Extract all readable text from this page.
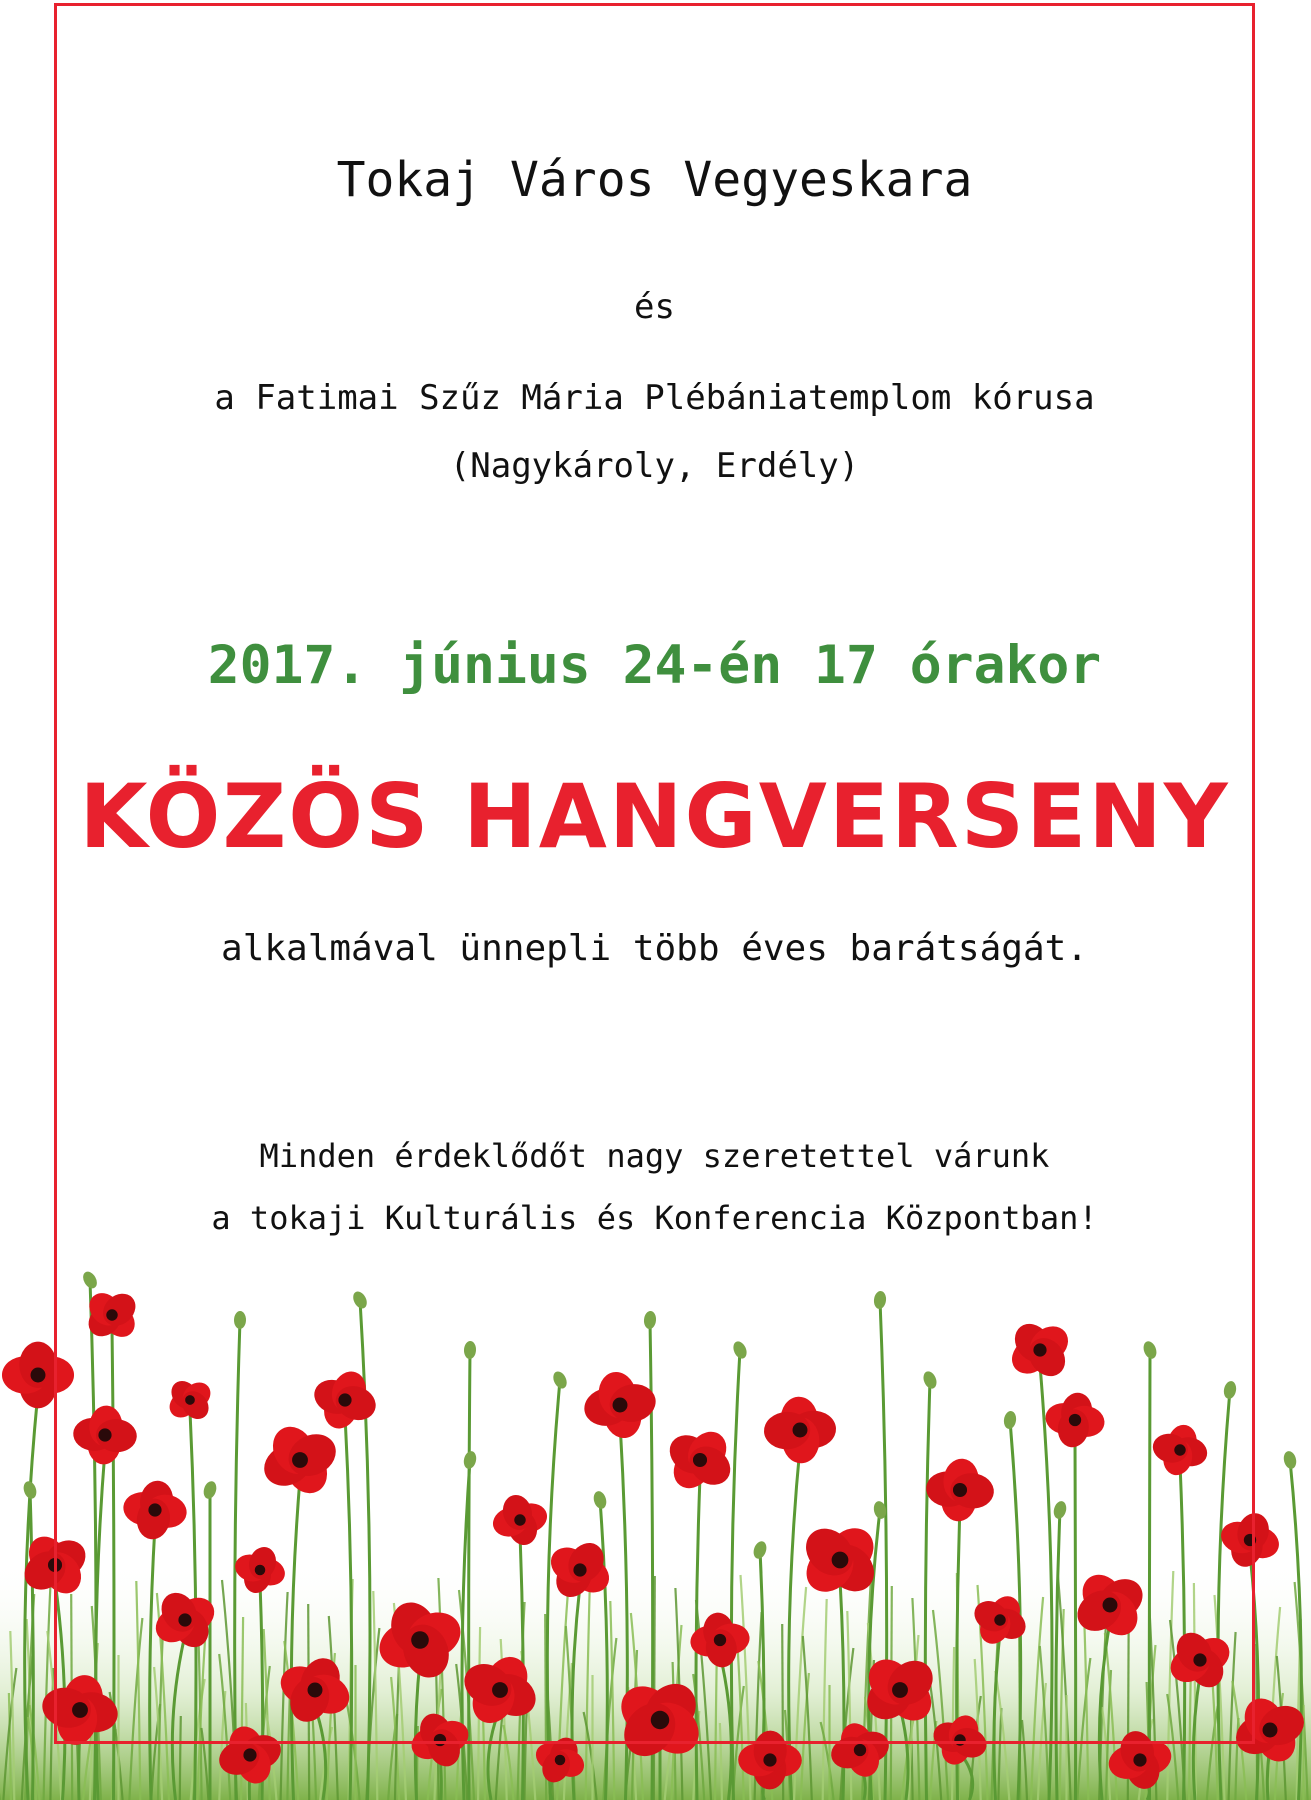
Tokaj Város Vegyeskara
és
a Fatimai Szűz Mária Plébániatemplom kórusa
(Nagykároly, Erdély)
2017. június 24-én 17 órakor
KÖZÖS HANGVERSENY
alkalmával ünnepli több éves barátságát.
Minden érdeklődőt nagy szeretettel várunk
a tokaji Kulturális és Konferencia Központban!
